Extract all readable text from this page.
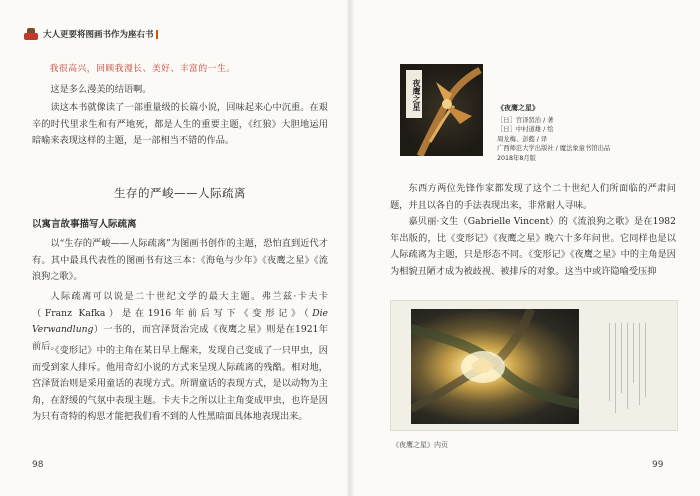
大人更要将图画书作为座右书
我很高兴，回顾我漫长、美好、丰富的一生。
这是多么漫美的结语啊。
读这本书就像读了一部重量级的长篇小说，回味起来心中沉重。在艰辛的时代里求生和有严地死，都是人生的重要主题，《红狼》大胆地运用暗喻来表现这样的主题，是一部相当不错的作品。
生存的严峻——人际疏离
以寓言故事描写人际疏离
以“生存的严峻——人际疏离”为图画书创作的主题，恐怕直到近代才有。其中最具代表性的图画书有这三本：《海龟与少年》《夜鹰之星》《流浪狗之歌》。
人际疏离可以说是二十世纪文学的最大主题。弗兰兹·卡夫卡（Franz Kafka）是在1916年前后写下《变形记》（Die Verwandlung）一书的，而宫泽贤治完成《夜鹰之星》则是在1921年前后。
《变形记》中的主角在某日早上醒来，发现自己变成了一只甲虫，因而受到家人排斥。他用奇幻小说的方式来呈现人际疏离的残酷。相对地，宫泽贤治则是采用童话的表现方式。所谓童话的表现方式，是以动物为主角，在舒缓的气氛中表现主题。卡夫卡之所以让主角变成甲虫，也许是因为只有奇特的构思才能把我们看不到的人性黑暗面具体地表现出来。
98
夜鹰之星	《夜鹰之星》
［日］宫泽贤治 / 著
［日］中村道雄 / 绘
周龙梅、彭懿 / 译
广西师范大学出版社 / 魔法象童书馆出品
2018年8月版
东西方两位先锋作家都发现了这个二十世纪人们所面临的严肃问题，并且以各自的手法表现出来，非常耐人寻味。
嘉贝丽·文生（Gabrielle Vincent）的《流浪狗之歌》是在1982年出版的，比《变形记》《夜鹰之星》晚六十多年问世。它同样也是以人际疏离为主题，只是形态不同。《变形记》《夜鹰之星》中的主角是因为相貌丑陋才成为被歧视、被排斥的对象。这当中或许隐喻受压抑
《夜鹰之星》内页
99
